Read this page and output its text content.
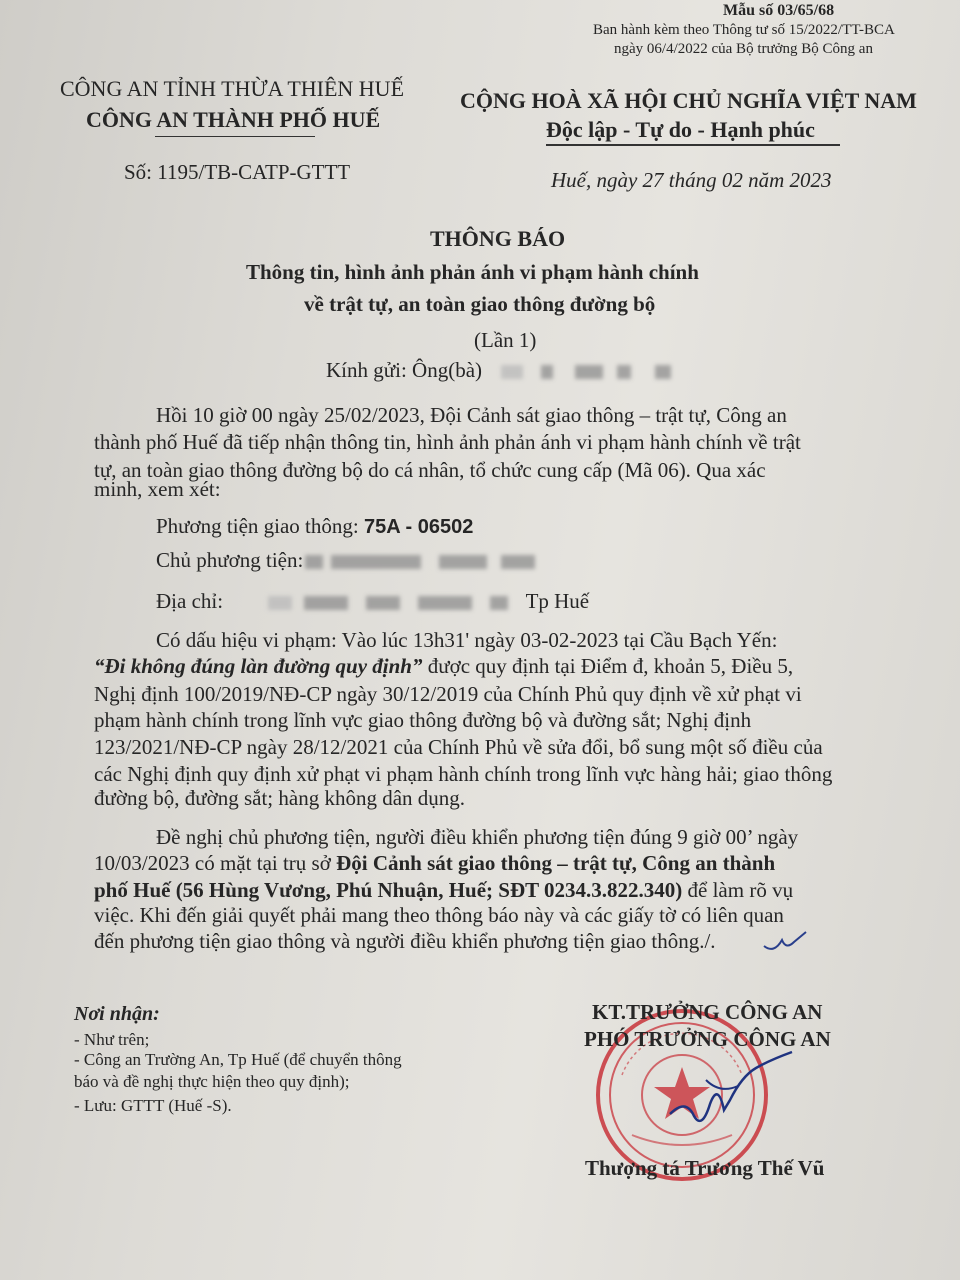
Mẫu số 03/65/68
Ban hành kèm theo Thông tư số 15/2022/TT-BCA
ngày 06/4/2022 của Bộ trưởng Bộ Công an
CÔNG AN TỈNH THỪA THIÊN HUẾ
CÔNG AN THÀNH PHỐ HUẾ
Số: 1195/TB-CATP-GTTT
CỘNG HOÀ XÃ HỘI CHỦ NGHĨA VIỆT NAM
Độc lập - Tự do - Hạnh phúc
Huế, ngày 27 tháng 02 năm 2023
THÔNG BÁO
Thông tin, hình ảnh phản ánh vi phạm hành chính
về trật tự, an toàn giao thông đường bộ
(Lần 1)
Kính gửi: Ông(bà)
Hồi 10 giờ 00 ngày 25/02/2023, Đội Cảnh sát giao thông – trật tự, Công an
thành phố Huế đã tiếp nhận thông tin, hình ảnh phản ánh vi phạm hành chính về trật
tự, an toàn giao thông đường bộ do cá nhân, tổ chức cung cấp (Mã 06). Qua xác
minh, xem xét:
Phương tiện giao thông: 75A - 06502
Chủ phương tiện:
Địa chỉ:	Tp Huế
Có dấu hiệu vi phạm: Vào lúc 13h31' ngày 03-02-2023 tại Cầu Bạch Yến:
“Đi không đúng làn đường quy định” được quy định tại Điểm đ, khoản 5, Điều 5,
Nghị định 100/2019/NĐ-CP ngày 30/12/2019 của Chính Phủ quy định về xử phạt vi
phạm hành chính trong lĩnh vực giao thông đường bộ và đường sắt; Nghị định
123/2021/NĐ-CP ngày 28/12/2021 của Chính Phủ về sửa đổi, bổ sung một số điều của
các Nghị định quy định xử phạt vi phạm hành chính trong lĩnh vực hàng hải; giao thông
đường bộ, đường sắt; hàng không dân dụng.
Đề nghị chủ phương tiện, người điều khiển phương tiện đúng 9 giờ 00’ ngày
10/03/2023 có mặt tại trụ sở Đội Cảnh sát giao thông – trật tự, Công an thành
phố Huế (56 Hùng Vương, Phú Nhuận, Huế; SĐT 0234.3.822.340) để làm rõ vụ
việc. Khi đến giải quyết phải mang theo thông báo này và các giấy tờ có liên quan
đến phương tiện giao thông và người điều khiển phương tiện giao thông./.
Nơi nhận:
- Như trên;
- Công an Trường An, Tp Huế (để chuyển thông
báo và đề nghị thực hiện theo quy định);
- Lưu: GTTT (Huế -S).
KT.TRƯỞNG CÔNG AN
PHÓ TRƯỞNG CÔNG AN
Thượng tá Trương Thế Vũ
